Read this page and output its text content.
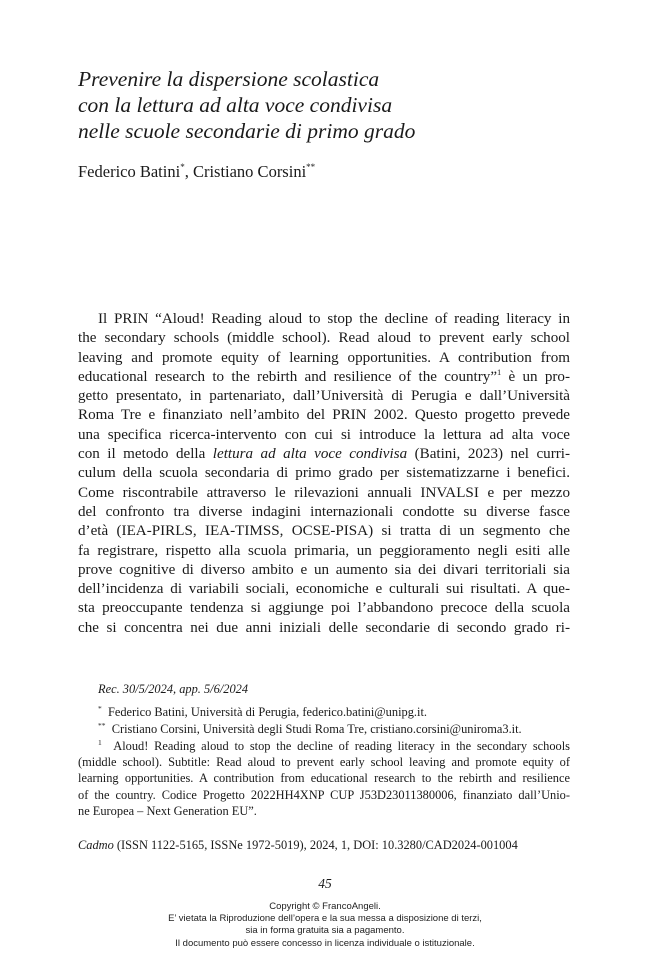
Prevenire la dispersione scolastica
con la lettura ad alta voce condivisa
nelle scuole secondarie di primo grado
Federico Batini*, Cristiano Corsini**
Il PRIN “Aloud! Reading aloud to stop the decline of reading literacy in
the secondary schools (middle school). Read aloud to prevent early school
leaving and promote equity of learning opportunities. A contribution from
educational research to the rebirth and resilience of the country”$^1$ è un pro-
getto presentato, in partenariato, dall’Università di Perugia e dall’Università
Roma Tre e finanziato nell’ambito del PRIN 2002. Questo progetto prevede
una specifica ricerca-intervento con cui si introduce la lettura ad alta voce
con il metodo della lettura ad alta voce condivisa (Batini, 2023) nel curri-
culum della scuola secondaria di primo grado per sistematizzarne i benefici.
Come riscontrabile attraverso le rilevazioni annuali INVALSI e per mezzo
del confronto tra diverse indagini internazionali condotte su diverse fasce
d’età (IEA-PIRLS, IEA-TIMSS, OCSE-PISA) si tratta di un segmento che
fa registrare, rispetto alla scuola primaria, un peggioramento negli esiti alle
prove cognitive di diverso ambito e un aumento sia dei divari territoriali sia
dell’incidenza di variabili sociali, economiche e culturali sui risultati. A que-
sta preoccupante tendenza si aggiunge poi l’abbandono precoce della scuola
che si concentra nei due anni iniziali delle secondarie di secondo grado ri-
Rec. 30/5/2024, app. 5/6/2024
* Federico Batini, Università di Perugia, federico.batini@unipg.it.
** Cristiano Corsini, Università degli Studi Roma Tre, cristiano.corsini@uniroma3.it.
$^1$ Aloud! Reading aloud to stop the decline of reading literacy in the secondary schools
(middle school). Subtitle: Read aloud to prevent early school leaving and promote equity of
learning opportunities. A contribution from educational research to the rebirth and resilience
of the country. Codice Progetto 2022HH4XNP CUP J53D23011380006, finanziato dall’Unio-
ne Europea – Next Generation EU”.
Cadmo (ISSN 1122-5165, ISSNe 1972-5019), 2024, 1, DOI: 10.3280/CAD2024-001004
45
Copyright © FrancoAngeli.
E’ vietata la Riproduzione dell’opera e la sua messa a disposizione di terzi,
sia in forma gratuita sia a pagamento.
Il documento può essere concesso in licenza individuale o istituzionale.
